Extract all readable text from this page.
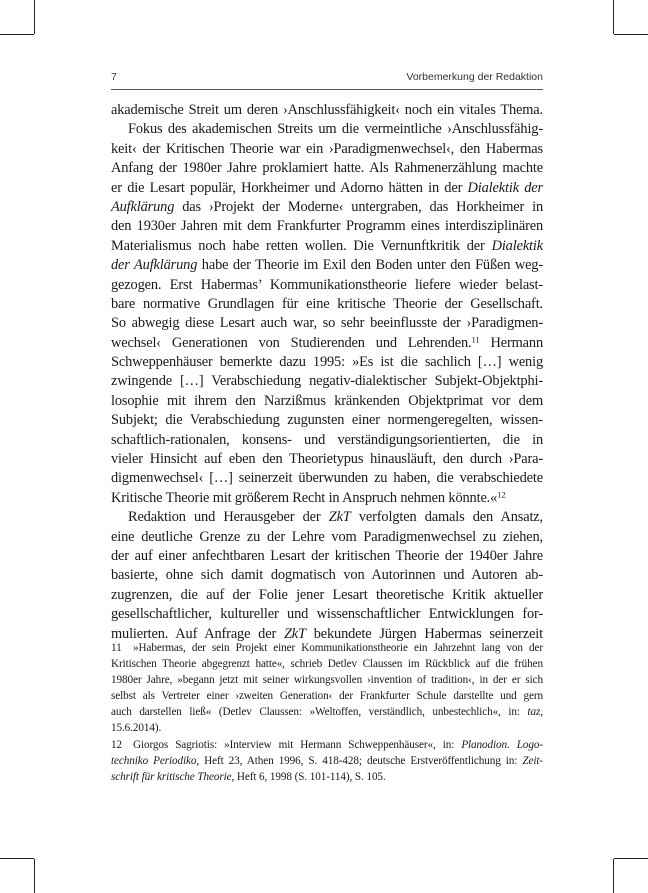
7	Vorbemerkung der Redaktion
akademische Streit um deren ›Anschlussfähigkeit‹ noch ein vitales Thema.
Fokus des akademischen Streits um die vermeintliche ›Anschlussfähig-
keit‹ der Kritischen Theorie war ein ›Paradigmenwechsel‹, den Habermas
Anfang der 1980er Jahre proklamiert hatte. Als Rahmenerzählung machte
er die Lesart populär, Horkheimer und Adorno hätten in der Dialektik der
Aufklärung das ›Projekt der Moderne‹ untergraben, das Horkheimer in
den 1930er Jahren mit dem Frankfurter Programm eines interdisziplinären
Materialismus noch habe retten wollen. Die Vernunftkritik der Dialektik
der Aufklärung habe der Theorie im Exil den Boden unter den Füßen weg-
gezogen. Erst Habermas’ Kommunikationstheorie liefere wieder belast-
bare normative Grundlagen für eine kritische Theorie der Gesellschaft.
So abwegig diese Lesart auch war, so sehr beeinflusste der ›Paradigmen-
wechsel‹ Generationen von Studierenden und Lehrenden.$^{11}$ Hermann
Schweppenhäuser bemerkte dazu 1995: »Es ist die sachlich […] wenig
zwingende […] Verabschiedung negativ-dialektischer Subjekt-Objektphi-
losophie mit ihrem den Narzißmus kränkenden Objektprimat vor dem
Subjekt; die Verabschiedung zugunsten einer normengeregelten, wissen-
schaftlich-rationalen, konsens- und verständigungsorientierten, die in
vieler Hinsicht auf eben den Theorietypus hinausläuft, den durch ›Para-
digmenwechsel‹ […] seinerzeit überwunden zu haben, die verabschiedete
Kritische Theorie mit größerem Recht in Anspruch nehmen könnte.«$^{12}$
Redaktion und Herausgeber der ZkT verfolgten damals den Ansatz,
eine deutliche Grenze zu der Lehre vom Paradigmenwechsel zu ziehen,
der auf einer anfechtbaren Lesart der kritischen Theorie der 1940er Jahre
basierte, ohne sich damit dogmatisch von Autorinnen und Autoren ab-
zugrenzen, die auf der Folie jener Lesart theoretische Kritik aktueller
gesellschaftlicher, kultureller und wissenschaftlicher Entwicklungen for-
mulierten. Auf Anfrage der ZkT bekundete Jürgen Habermas seinerzeit
11 »Habermas, der sein Projekt einer Kommunikationstheorie ein Jahrzehnt lang von der
Kritischen Theorie abgegrenzt hatte«, schrieb Detlev Claussen im Rückblick auf die frühen
1980er Jahre, »begann jetzt mit seiner wirkungsvollen ›invention of tradition‹, in der er sich
selbst als Vertreter einer ›zweiten Generation‹ der Frankfurter Schule darstellte und gern
auch darstellen ließ« (Detlev Claussen: »Weltoffen, verständlich, unbestechlich«, in: taz,
15.6.2014).
12 Giorgos Sagriotis: »Interview mit Hermann Schweppenhäuser«, in: Planodion. Logo-
techniko Periodiko, Heft 23, Athen 1996, S. 418-428; deutsche Erstveröffentlichung in: Zeit-
schrift für kritische Theorie, Heft 6, 1998 (S. 101-114), S. 105.
